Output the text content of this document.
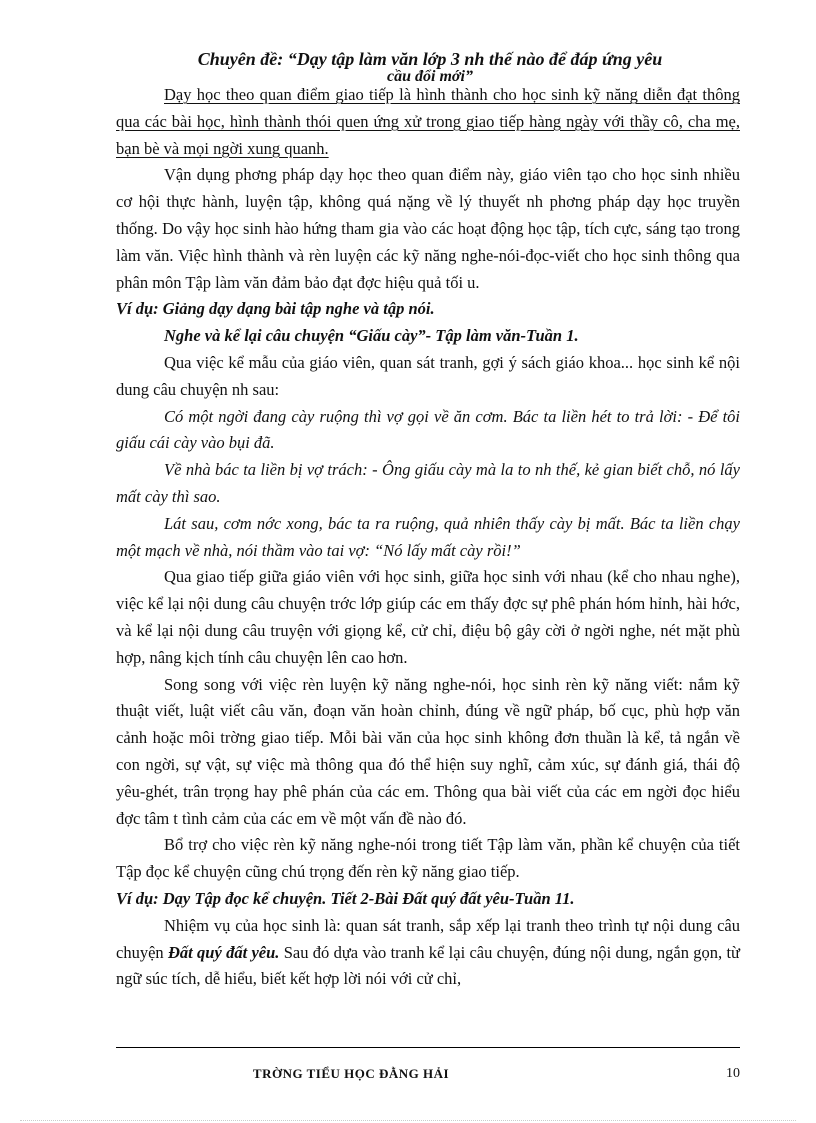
Chuyên đề: “Dạy tập làm văn lớp 3 nh thế nào để đáp ứng yêu
cầu đổi mới”

Dạy học theo quan điểm giao tiếp là hình thành cho học sinh kỹ năng diễn đạt thông qua các bài học, hình thành thói quen ứng xử trong giao tiếp hàng ngày với thầy cô, cha mẹ, bạn bè và mọi ngời xung quanh.

Vận dụng phơng pháp dạy học theo quan điểm này, giáo viên tạo cho học sinh nhiều cơ hội thực hành, luyện tập, không quá nặng về lý thuyết nh phơng pháp dạy học truyền thống. Do vậy học sinh hào hứng tham gia vào các hoạt động học tập, tích cực, sáng tạo trong làm văn. Việc hình thành và rèn luyện các kỹ năng nghe-nói-đọc-viết cho học sinh thông qua phân môn Tập làm văn đảm bảo đạt đợc hiệu quả tối u.

Ví dụ: Giảng dạy dạng bài tập nghe và tập nói.

Nghe và kể lại câu chuyện “Giấu cày”- Tập làm văn-Tuần 1.

Qua việc kể mẫu của giáo viên, quan sát tranh, gợi ý sách giáo khoa... học sinh kể nội dung câu chuyện nh sau:

Có một ngời đang cày ruộng thì vợ gọi về ăn cơm. Bác ta liền hét to trả lời: - Để tôi giấu cái cày vào bụi đã.

Về nhà bác ta liền bị vợ trách: - Ông giấu cày mà la to nh thế, kẻ gian biết chỗ, nó lấy mất cày thì sao.

Lát sau, cơm nớc xong, bác ta ra ruộng, quả nhiên thấy cày bị mất. Bác ta liền chạy một mạch về nhà, nói thầm vào tai vợ: “Nó lấy mất cày rồi!”

Qua giao tiếp giữa giáo viên với học sinh, giữa học sinh với nhau (kể cho nhau nghe), việc kể lại nội dung câu chuyện trớc lớp giúp các em thấy đợc sự phê phán hóm hỉnh, hài hớc, và kể lại nội dung câu truyện với giọng kể, cử chỉ, điệu bộ gây cời ở ngời nghe, nét mặt phù hợp, nâng kịch tính câu chuyện lên cao hơn.

Song song với việc rèn luyện kỹ năng nghe-nói, học sinh rèn kỹ năng viết: nắm kỹ thuật viết, luật viết câu văn, đoạn văn hoàn chỉnh, đúng về ngữ pháp, bố cục, phù hợp văn cảnh hoặc môi trờng giao tiếp. Mỗi bài văn của học sinh không đơn thuần là kể, tả ngắn về con ngời, sự vật, sự việc mà thông qua đó thể hiện suy nghĩ, cảm xúc, sự đánh giá, thái độ yêu-ghét, trân trọng hay phê phán của các em. Thông qua bài viết của các em ngời đọc hiểu đợc tâm t tình cảm của các em về một vấn đề nào đó.

Bổ trợ cho việc rèn kỹ năng nghe-nói trong tiết Tập làm văn, phần kể chuyện của tiết Tập đọc kể chuyện cũng chú trọng đến rèn kỹ năng giao tiếp.

Ví dụ: Dạy Tập đọc kể chuyện. Tiết 2-Bài Đất quý đất yêu-Tuần 11.

Nhiệm vụ của học sinh là: quan sát tranh, sắp xếp lại tranh theo trình tự nội dung câu chuyện Đất quý đất yêu. Sau đó dựa vào tranh kể lại câu chuyện, đúng nội dung, ngắn gọn, từ ngữ súc tích, dễ hiểu, biết kết hợp lời nói với cử chỉ,

TRỜNG TIỂU HỌC ĐẰNG HẢI	10
